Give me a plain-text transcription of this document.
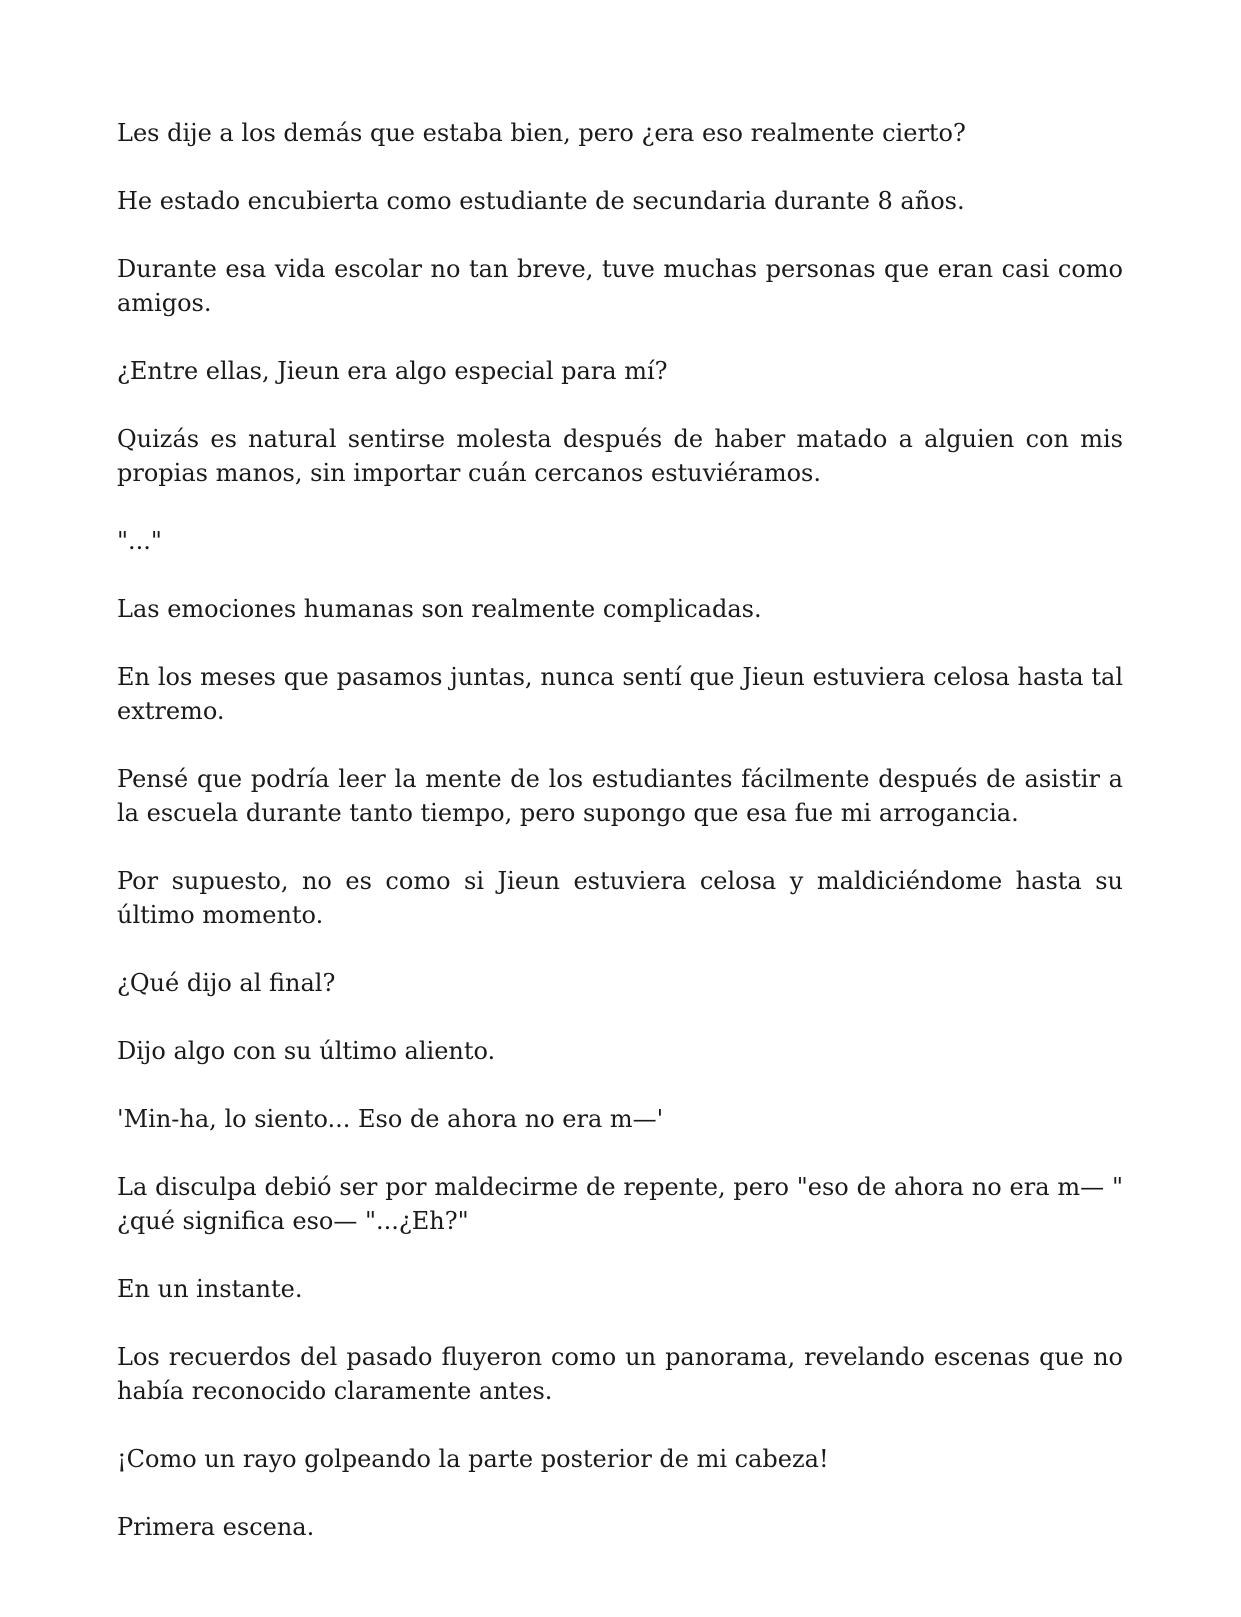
Les dije a los demás que estaba bien, pero ¿era eso realmente cierto?

He estado encubierta como estudiante de secundaria durante 8 años.

Durante esa vida escolar no tan breve, tuve muchas personas que eran casi como amigos.

¿Entre ellas, Jieun era algo especial para mí?

Quizás es natural sentirse molesta después de haber matado a alguien con mis propias manos, sin importar cuán cercanos estuviéramos.

"..."

Las emociones humanas son realmente complicadas.

En los meses que pasamos juntas, nunca sentí que Jieun estuviera celosa hasta tal extremo.

Pensé que podría leer la mente de los estudiantes fácilmente después de asistir a la escuela durante tanto tiempo, pero supongo que esa fue mi arrogancia.

Por supuesto, no es como si Jieun estuviera celosa y maldiciéndome hasta su último momento.

¿Qué dijo al final?

Dijo algo con su último aliento.

'Min-ha, lo siento... Eso de ahora no era m—'

La disculpa debió ser por maldecirme de repente, pero "eso de ahora no era m— " ¿qué significa eso— "...¿Eh?"

En un instante.

Los recuerdos del pasado fluyeron como un panorama, revelando escenas que no había reconocido claramente antes.

¡Como un rayo golpeando la parte posterior de mi cabeza!

Primera escena.
